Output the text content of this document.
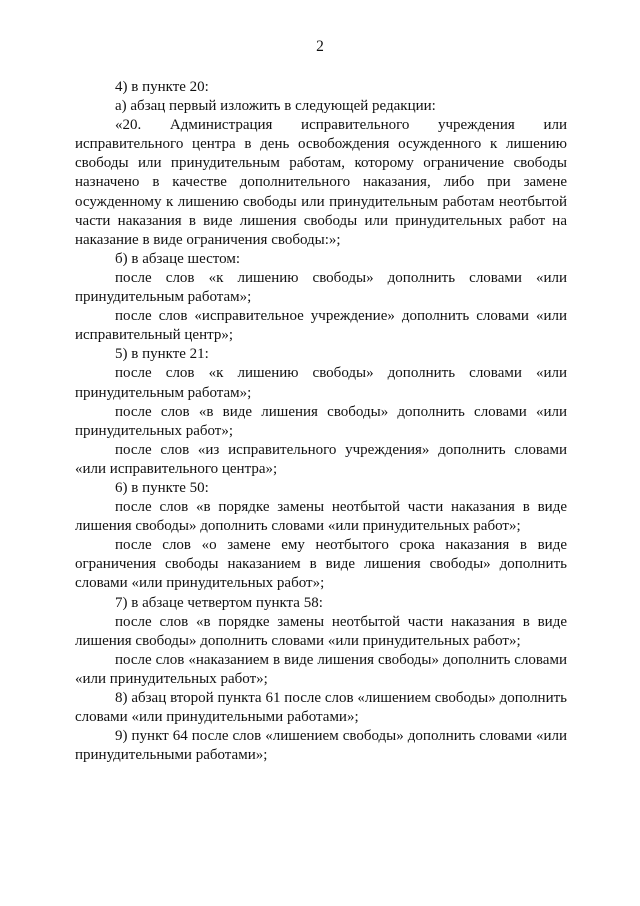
2

4) в пункте 20:

а) абзац первый изложить в следующей редакции:

«20. Администрация исправительного учреждения или исправительного центра в день освобождения осужденного к лишению свободы или принудительным работам, которому ограничение свободы назначено в качестве дополнительного наказания, либо при замене осужденному к лишению свободы или принудительным работам неотбытой части наказания в виде лишения свободы или принудительных работ на наказание в виде ограничения свободы:»;

б) в абзаце шестом:

после слов «к лишению свободы» дополнить словами «или принудительным работам»;

после слов «исправительное учреждение» дополнить словами «или исправительный центр»;

5) в пункте 21:

после слов «к лишению свободы» дополнить словами «или принудительным работам»;

после слов «в виде лишения свободы» дополнить словами «или принудительных работ»;

после слов «из исправительного учреждения» дополнить словами «или исправительного центра»;

6) в пункте 50:

после слов «в порядке замены неотбытой части наказания в виде лишения свободы» дополнить словами «или принудительных работ»;

после слов «о замене ему неотбытого срока наказания в виде ограничения свободы наказанием в виде лишения свободы» дополнить словами «или принудительных работ»;

7) в абзаце четвертом пункта 58:

после слов «в порядке замены неотбытой части наказания в виде лишения свободы» дополнить словами «или принудительных работ»;

после слов «наказанием в виде лишения свободы» дополнить словами «или принудительных работ»;

8) абзац второй пункта 61 после слов «лишением свободы» дополнить словами «или принудительными работами»;

9) пункт 64 после слов «лишением свободы» дополнить словами «или принудительными работами»;
